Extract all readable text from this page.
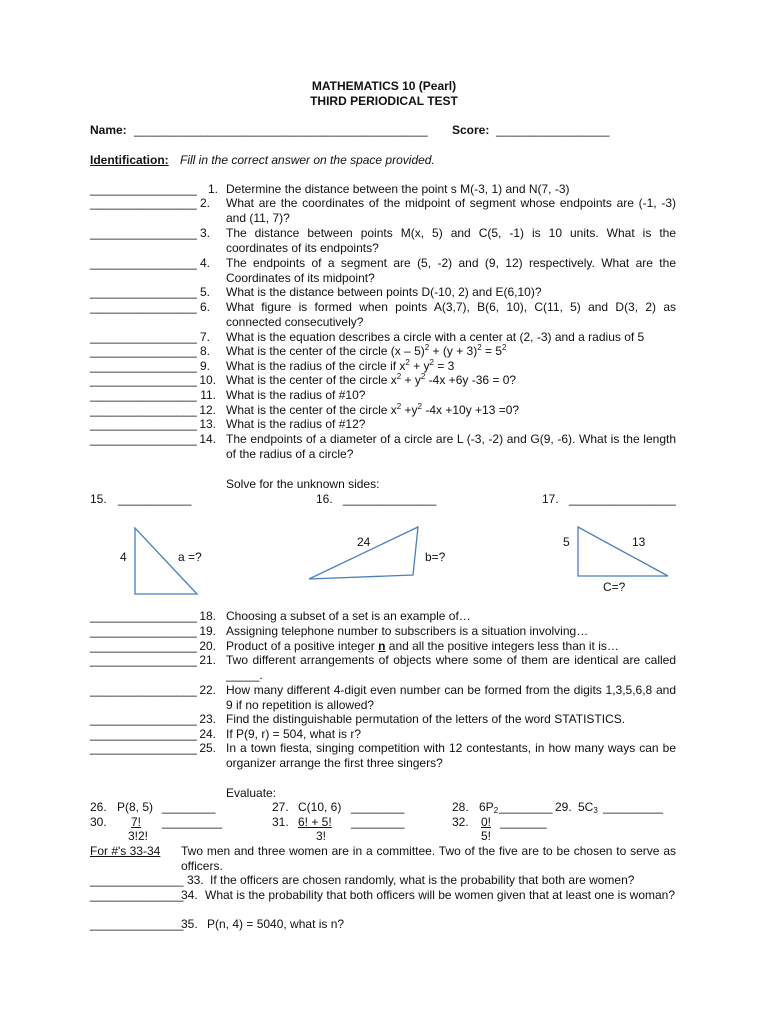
MATHEMATICS 10 (Pearl)
THIRD PERIODICAL TEST
Name: ____________________________________________ Score: _________________
Identification: Fill in the correct answer on the space provided.
________________ 1. Determine the distance between the point s M(-3, 1) and N(7, -3)
________________ 2. What are the coordinates of the midpoint of segment whose endpoints are (-1, -3) and (11, 7)?
________________ 3. The distance between points M(x, 5) and C(5, -1) is 10 units. What is the coordinates of its endpoints?
________________ 4. The endpoints of a segment are (5, -2) and (9, 12) respectively. What are the Coordinates of its midpoint?
________________ 5. What is the distance between points D(-10, 2) and E(6,10)?
________________ 6. What figure is formed when points A(3,7), B(6, 10), C(11, 5) and D(3, 2) as connected consecutively?
________________ 7. What is the equation describes a circle with a center at (2, -3) and a radius of 5
________________ 8. What is the center of the circle $(x - 5)^2 + (y + 3)^2 = 5^2$
________________ 9. What is the radius of the circle if $x^2 + y^2 = 3$
________________ 10. What is the center of the circle $x^2 + y^2$ -4x +6y -36 = 0?
________________ 11. What is the radius of #10?
________________ 12. What is the center of the circle $x^2 +y^2$ -4x +10y +13 =0?
________________ 13. What is the radius of #12?
________________ 14. The endpoints of a diameter of a circle are L (-3, -2) and G(9, -6). What is the length of the radius of a circle?
Solve for the unknown sides:
15. ___________	16. ______________	17. ________________
4	a =?
24
b=?
5	13
C=?
________________ 18. Choosing a subset of a set is an example of…
________________ 19. Assigning telephone number to subscribers is a situation involving…
________________ 20. Product of a positive integer n and all the positive integers less than it is…
________________ 21. Two different arrangements of objects where some of them are identical are called _____.
________________ 22. How many different 4-digit even number can be formed from the digits 1,3,5,6,8 and 9 if no repetition is allowed?
________________ 23. Find the distinguishable permutation of the letters of the word STATISTICS.
________________ 24. If P(9, r) = 504, what is r?
________________ 25. In a town fiesta, singing competition with 12 contestants, in how many ways can be organizer arrange the first three singers?
Evaluate:
26. P(8, 5) ________	27. C(10, 6) ________	28. $6P_2$ ________ 29. $5C_3$ _________
30. 7!
3!2!
_________	31. 6! + 5!
3!
________	32. 0!
5!
_______
For #'s 33-34 Two men and three women are in a committee. Two of the five are to be chosen to serve as officers.
______________ 33. If the officers are chosen randomly, what is the probability that both are women?
______________
34. What is the probability that both officers will be women given that at least one is woman?
______________
35. P(n, 4) = 5040, what is n?
